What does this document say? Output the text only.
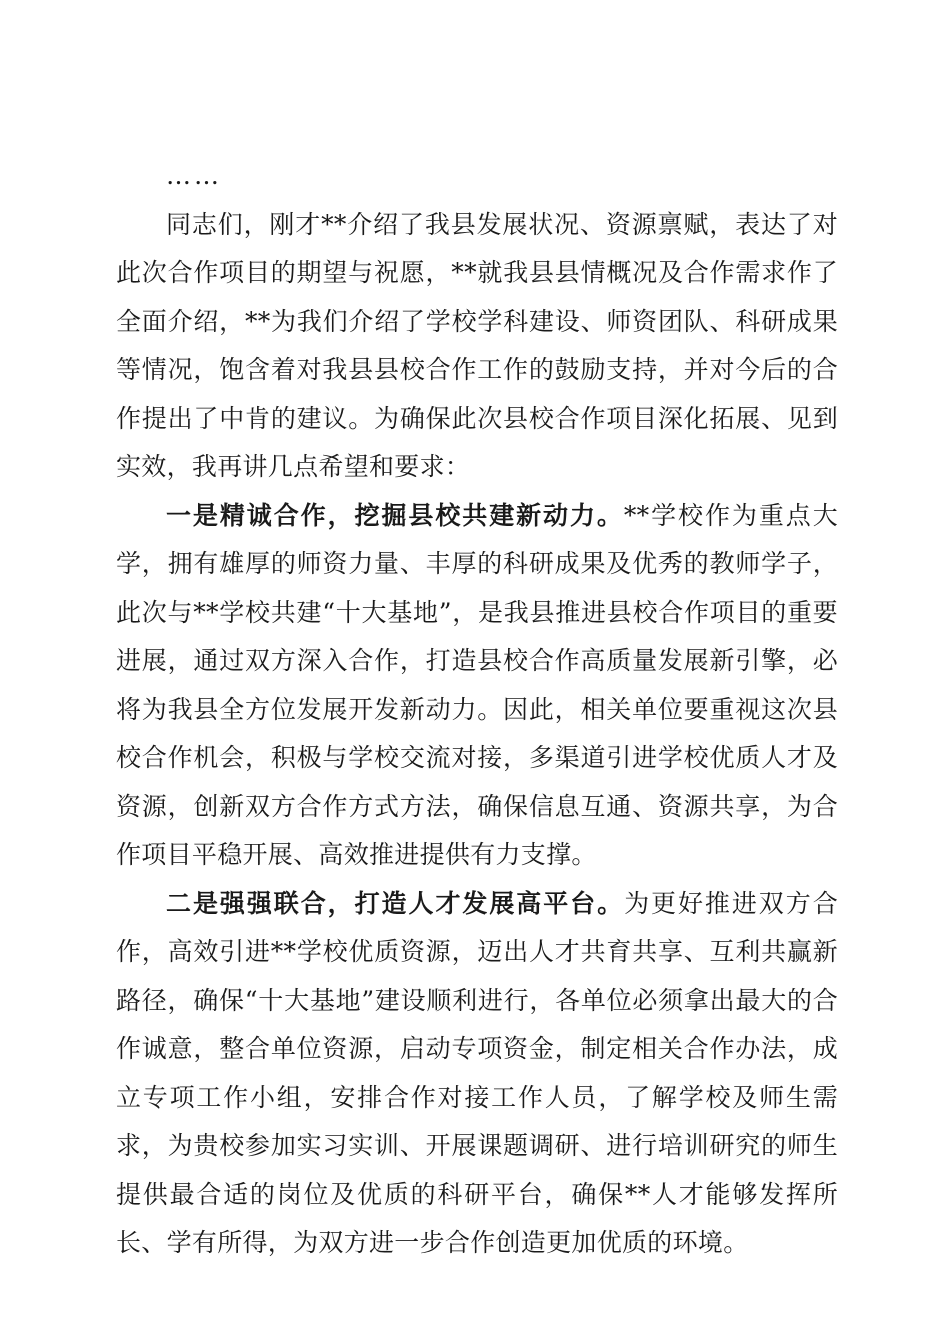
……

同志们，刚才**介绍了我县发展状况、资源禀赋，表达了对此次合作项目的期望与祝愿，**就我县县情概况及合作需求作了全面介绍，**为我们介绍了学校学科建设、师资团队、科研成果等情况，饱含着对我县县校合作工作的鼓励支持，并对今后的合作提出了中肯的建议。为确保此次县校合作项目深化拓展、见到实效，我再讲几点希望和要求：

一是精诚合作，挖掘县校共建新动力。**学校作为重点大学，拥有雄厚的师资力量、丰厚的科研成果及优秀的教师学子，此次与**学校共建“十大基地”，是我县推进县校合作项目的重要进展，通过双方深入合作，打造县校合作高质量发展新引擎，必将为我县全方位发展开发新动力。因此，相关单位要重视这次县校合作机会，积极与学校交流对接，多渠道引进学校优质人才及资源，创新双方合作方式方法，确保信息互通、资源共享，为合作项目平稳开展、高效推进提供有力支撑。

二是强强联合，打造人才发展高平台。为更好推进双方合作，高效引进**学校优质资源，迈出人才共育共享、互利共赢新路径，确保“十大基地”建设顺利进行，各单位必须拿出最大的合作诚意，整合单位资源，启动专项资金，制定相关合作办法，成立专项工作小组，安排合作对接工作人员，了解学校及师生需求，为贵校参加实习实训、开展课题调研、进行培训研究的师生提供最合适的岗位及优质的科研平台，确保**人才能够发挥所长、学有所得，为双方进一步合作创造更加优质的环境。
